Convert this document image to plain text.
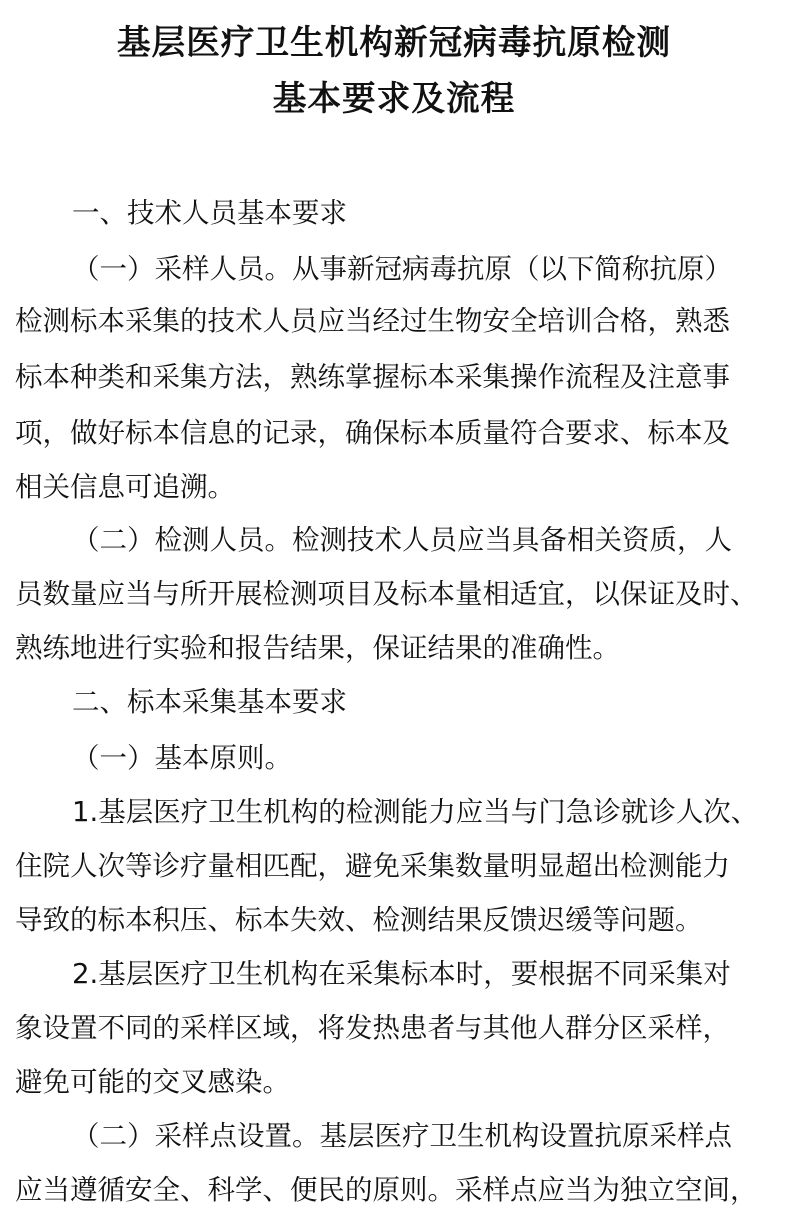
基层医疗卫生机构新冠病毒抗原检测
基本要求及流程
一、技术人员基本要求
（一）采样人员。从事新冠病毒抗原（以下简称抗原）
检测标本采集的技术人员应当经过生物安全培训合格，熟悉
标本种类和采集方法，熟练掌握标本采集操作流程及注意事
项，做好标本信息的记录，确保标本质量符合要求、标本及
相关信息可追溯。
（二）检测人员。检测技术人员应当具备相关资质，人
员数量应当与所开展检测项目及标本量相适宜，以保证及时、
熟练地进行实验和报告结果，保证结果的准确性。
二、标本采集基本要求
（一）基本原则。
1.基层医疗卫生机构的检测能力应当与门急诊就诊人次、
住院人次等诊疗量相匹配，避免采集数量明显超出检测能力
导致的标本积压、标本失效、检测结果反馈迟缓等问题。
2.基层医疗卫生机构在采集标本时，要根据不同采集对
象设置不同的采样区域，将发热患者与其他人群分区采样，
避免可能的交叉感染。
（二）采样点设置。基层医疗卫生机构设置抗原采样点
应当遵循安全、科学、便民的原则。采样点应当为独立空间，
